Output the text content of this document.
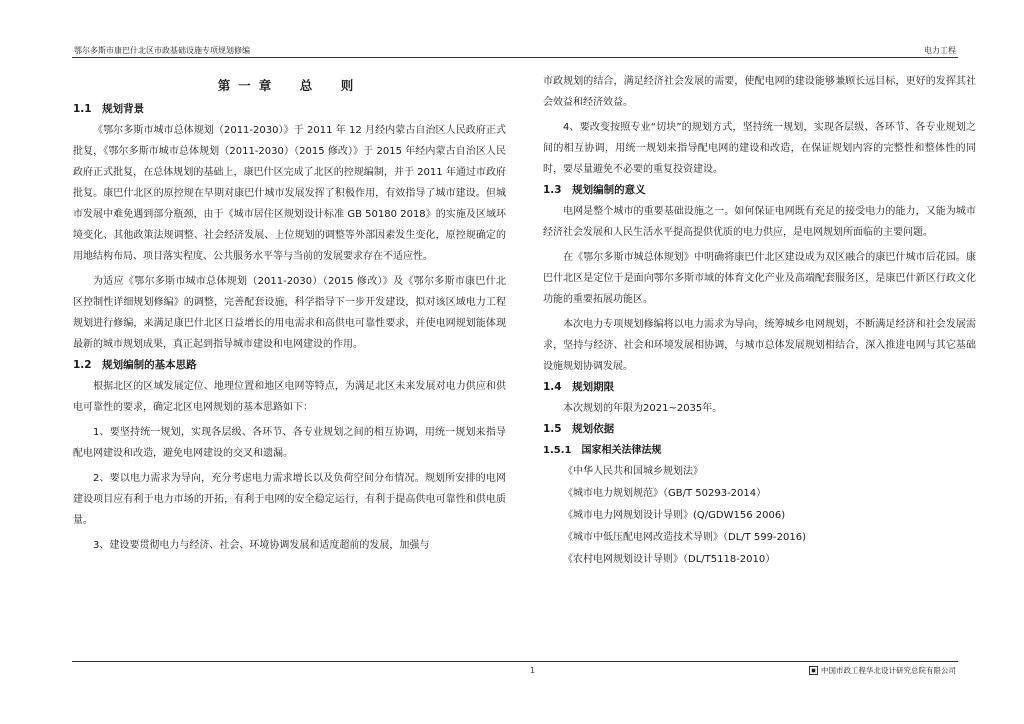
鄂尔多斯市康巴什北区市政基础设施专项规划修编	电力工程
第一章　总　则
1.1　规划背景

《鄂尔多斯市城市总体规划（2011-2030）》于 2011 年 12 月经内蒙古自治区人民政府正式批复，《鄂尔多斯市城市总体规划（2011-2030）（2015 修改）》于 2015 年经内蒙古自治区人民政府正式批复，在总体规划的基础上，康巴什区完成了北区的控规编制，并于 2011 年通过市政府批复。康巴什北区的原控规在早期对康巴什城市发展发挥了积极作用，有效指导了城市建设。但城市发展中难免遇到部分瓶颈，由于《城市居住区规划设计标准 GB 50180 2018》的实施及区域环境变化、其他政策法规调整、社会经济发展、上位规划的调整等外部因素发生变化，原控规确定的用地结构布局、项目落实程度、公共服务水平等与当前的发展要求存在不适应性。

为适应《鄂尔多斯市城市总体规划（2011-2030）（2015 修改）》及《鄂尔多斯市康巴什北区控制性详细规划修编》的调整，完善配套设施，科学指导下一步开发建设，拟对该区域电力工程规划进行修编，来满足康巴什北区日益增长的用电需求和高供电可靠性要求，并使电网规划能体现最新的城市规划成果，真正起到指导城市建设和电网建设的作用。

1.2　规划编制的基本思路

根据北区的区域发展定位、地理位置和地区电网等特点，为满足北区未来发展对电力供应和供电可靠性的要求，确定北区电网规划的基本思路如下：

1、要坚持统一规划，实现各层级、各环节、各专业规划之间的相互协调，用统一规划来指导配电网建设和改造，避免电网建设的交叉和遗漏。

2、要以电力需求为导向，充分考虑电力需求增长以及负荷空间分布情况。规划所安排的电网建设项目应有利于电力市场的开拓，有利于电网的安全稳定运行，有利于提高供电可靠性和供电质量。

3、建设要贯彻电力与经济、社会、环境协调发展和适度超前的发展，加强与

市政规划的结合，满足经济社会发展的需要，使配电网的建设能够兼顾长远目标，更好的发挥其社会效益和经济效益。

4、要改变按照专业“切块”的规划方式，坚持统一规划，实现各层级、各环节、各专业规划之间的相互协调，用统一规划来指导配电网的建设和改造，在保证规划内容的完整性和整体性的同时，要尽量避免不必要的重复投资建设。

1.3　规划编制的意义

电网是整个城市的重要基础设施之一。如何保证电网既有充足的接受电力的能力，又能为城市经济社会发展和人民生活水平提高提供优质的电力供应，是电网规划所面临的主要问题。

在《鄂尔多斯市城总体规划》中明确将康巴什北区建设成为双区融合的康巴什城市后花园。康巴什北区是定位于是面向鄂尔多斯市域的体育文化产业及高端配套服务区，是康巴什新区行政文化功能的重要拓展功能区。

本次电力专项规划修编将以电力需求为导向，统筹城乡电网规划，不断满足经济和社会发展需求，坚持与经济、社会和环境发展相协调，与城市总体发展规划相结合，深入推进电网与其它基础设施规划协调发展。

1.4　规划期限

本次规划的年限为2021~2035年。

1.5　规划依据
1.5.1　国家相关法律法规

《中华人民共和国城乡规划法》

《城市电力规划规范》（GB/T 50293-2014）

《城市电力网规划设计导则》(Q/GDW156 2006)

《城市中低压配电网改造技术导则》（DL/T 599-2016)

《农村电网规划设计导则》（DL/T5118-2010）

1	中国市政工程华北设计研究总院有限公司
